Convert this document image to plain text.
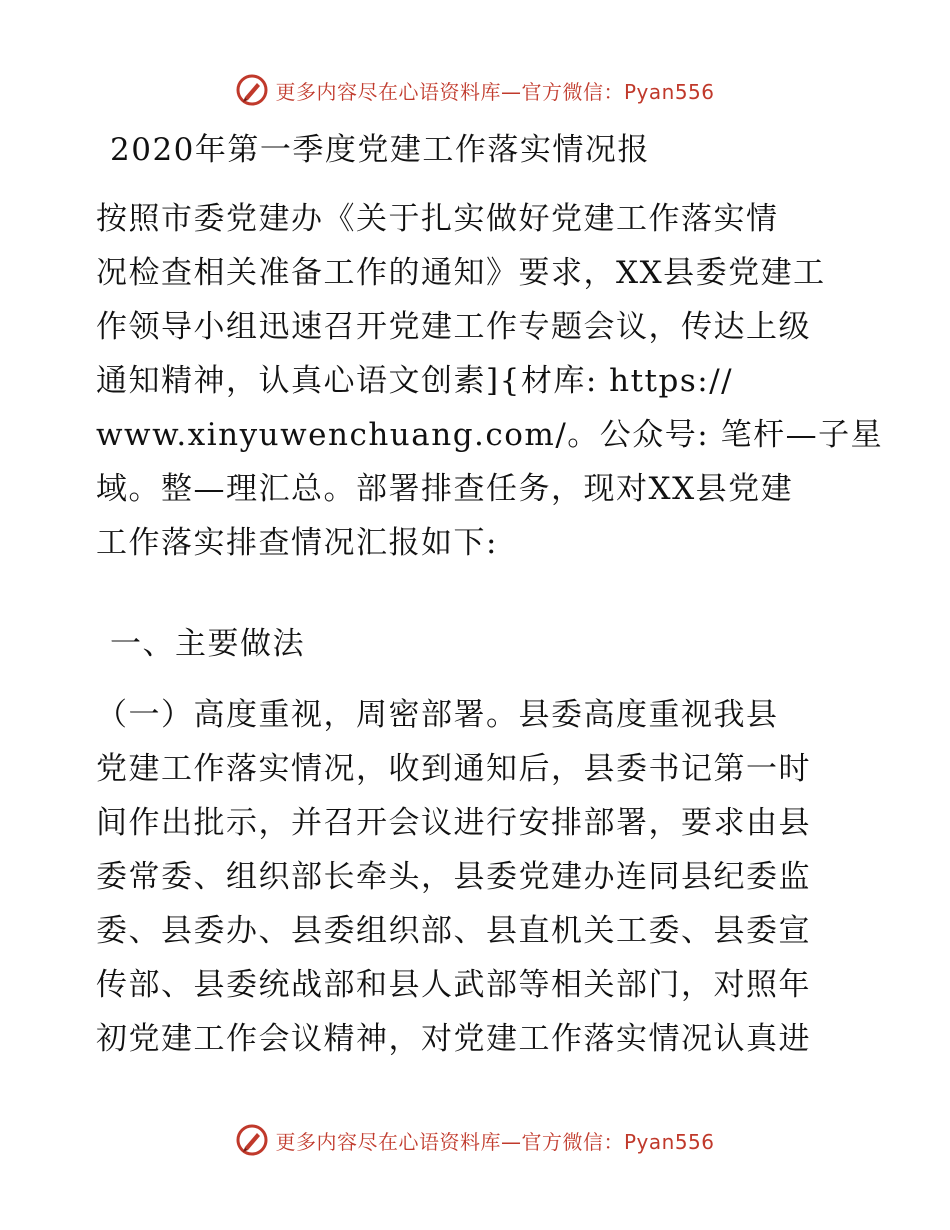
更多内容尽在心语资料库—官方微信：Pyan556
2020年第一季度党建工作落实情况报
按照市委党建办《关于扎实做好党建工作落实情
况检查相关准备工作的通知》要求，XX县委党建工
作领导小组迅速召开党建工作专题会议，传达上级
通知精神，认真心语文创素]{材库: https://
www.xinyuwenchuang.com/。公众号: 笔杆—子星
域。整—理汇总。部署排查任务，现对XX县党建
工作落实排查情况汇报如下:
一、主要做法
（一）高度重视，周密部署。县委高度重视我县
党建工作落实情况，收到通知后，县委书记第一时
间作出批示，并召开会议进行安排部署，要求由县
委常委、组织部长牵头，县委党建办连同县纪委监
委、县委办、县委组织部、县直机关工委、县委宣
传部、县委统战部和县人武部等相关部门，对照年
初党建工作会议精神，对党建工作落实情况认真进
更多内容尽在心语资料库—官方微信：Pyan556
